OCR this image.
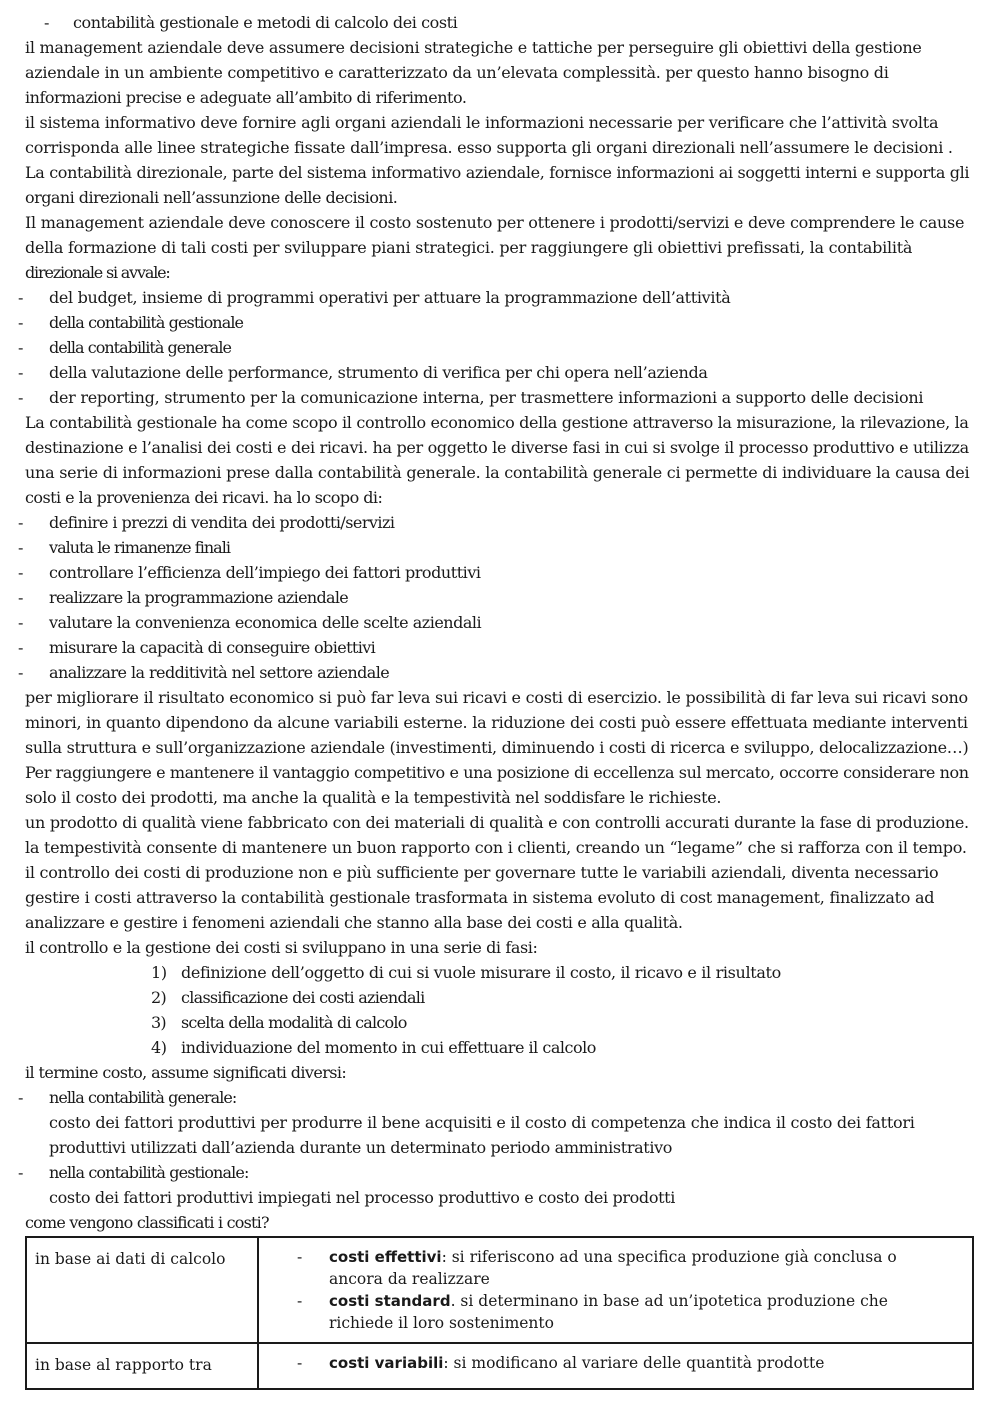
- contabilità gestionale e metodi di calcolo dei costi
il management aziendale deve assumere decisioni strategiche e tattiche per perseguire gli obiettivi della gestione
aziendale in un ambiente competitivo e caratterizzato da un’elevata complessità. per questo hanno bisogno di
informazioni precise e adeguate all’ambito di riferimento.
il sistema informativo deve fornire agli organi aziendali le informazioni necessarie per verificare che l’attività svolta
corrisponda alle linee strategiche fissate dall’impresa. esso supporta gli organi direzionali nell’assumere le decisioni .
La contabilità direzionale, parte del sistema informativo aziendale, fornisce informazioni ai soggetti interni e supporta gli
organi direzionali nell’assunzione delle decisioni.
Il management aziendale deve conoscere il costo sostenuto per ottenere i prodotti/servizi e deve comprendere le cause
della formazione di tali costi per sviluppare piani strategici. per raggiungere gli obiettivi prefissati, la contabilità
direzionale si avvale:
- del budget, insieme di programmi operativi per attuare la programmazione dell’attività
- della contabilità gestionale
- della contabilità generale
- della valutazione delle performance, strumento di verifica per chi opera nell’azienda
- der reporting, strumento per la comunicazione interna, per trasmettere informazioni a supporto delle decisioni
La contabilità gestionale ha come scopo il controllo economico della gestione attraverso la misurazione, la rilevazione, la
destinazione e l’analisi dei costi e dei ricavi. ha per oggetto le diverse fasi in cui si svolge il processo produttivo e utilizza
una serie di informazioni prese dalla contabilità generale. la contabilità generale ci permette di individuare la causa dei
costi e la provenienza dei ricavi. ha lo scopo di:
- definire i prezzi di vendita dei prodotti/servizi
- valuta le rimanenze finali
- controllare l’efficienza dell’impiego dei fattori produttivi
- realizzare la programmazione aziendale
- valutare la convenienza economica delle scelte aziendali
- misurare la capacità di conseguire obiettivi
- analizzare la redditività nel settore aziendale
per migliorare il risultato economico si può far leva sui ricavi e costi di esercizio. le possibilità di far leva sui ricavi sono
minori, in quanto dipendono da alcune variabili esterne. la riduzione dei costi può essere effettuata mediante interventi
sulla struttura e sull’organizzazione aziendale (investimenti, diminuendo i costi di ricerca e sviluppo, delocalizzazione…)
Per raggiungere e mantenere il vantaggio competitivo e una posizione di eccellenza sul mercato, occorre considerare non
solo il costo dei prodotti, ma anche la qualità e la tempestività nel soddisfare le richieste.
un prodotto di qualità viene fabbricato con dei materiali di qualità e con controlli accurati durante la fase di produzione.
la tempestività consente di mantenere un buon rapporto con i clienti, creando un “legame” che si rafforza con il tempo.
il controllo dei costi di produzione non e più sufficiente per governare tutte le variabili aziendali, diventa necessario
gestire i costi attraverso la contabilità gestionale trasformata in sistema evoluto di cost management, finalizzato ad
analizzare e gestire i fenomeni aziendali che stanno alla base dei costi e alla qualità.
il controllo e la gestione dei costi si sviluppano in una serie di fasi:
1) definizione dell’oggetto di cui si vuole misurare il costo, il ricavo e il risultato
2) classificazione dei costi aziendali
3) scelta della modalità di calcolo
4) individuazione del momento in cui effettuare il calcolo
il termine costo, assume significati diversi:
- nella contabilità generale:
costo dei fattori produttivi per produrre il bene acquisiti e il costo di competenza che indica il costo dei fattori
produttivi utilizzati dall’azienda durante un determinato periodo amministrativo
- nella contabilità gestionale:
costo dei fattori produttivi impiegati nel processo produttivo e costo dei prodotti
come vengono classificati i costi?
in base ai dati di calcolo	- costi effettivi: si riferiscono ad una specifica produzione già conclusa o ancora da realizzare
- costi standard. si determinano in base ad un’ipotetica produzione che richiede il loro sostenimento

in base al rapporto tra	- costi variabili: si modificano al variare delle quantità prodotte
